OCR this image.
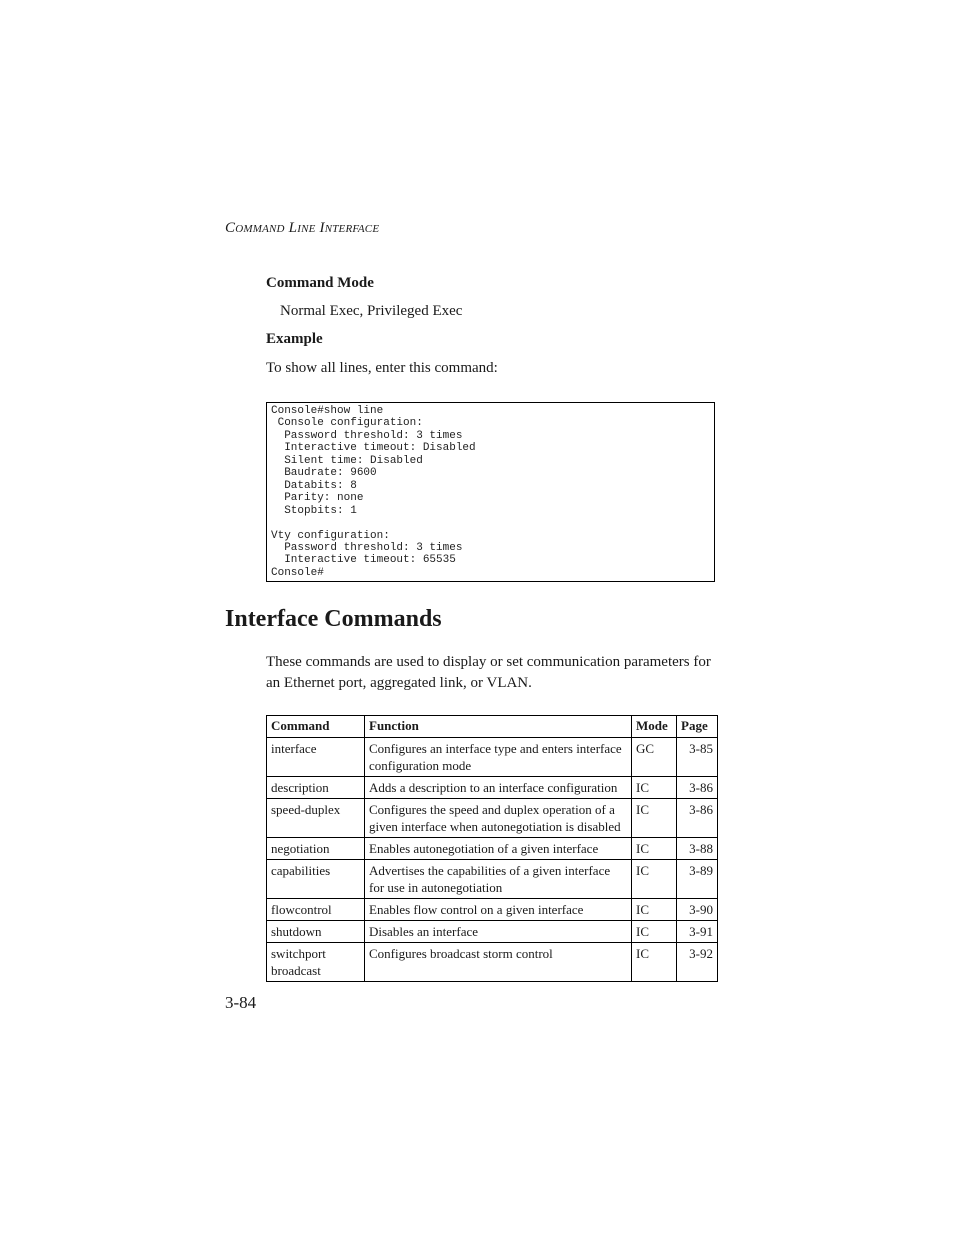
COMMAND LINE INTERFACE
Command Mode
Normal Exec, Privileged Exec
Example
To show all lines, enter this command:
Console#show line
Console configuration:
Password threshold: 3 times
Interactive timeout: Disabled
Silent time: Disabled
Baudrate: 9600
Databits: 8
Parity: none
Stopbits: 1

Vty configuration:
Password threshold: 3 times
Interactive timeout: 65535
Console#
Interface Commands

These commands are used to display or set communication parameters for an Ethernet port, aggregated link, or VLAN.

Command	Function	Mode	Page
interface	Configures an interface type and enters interface configuration mode	GC	3-85
description	Adds a description to an interface configuration	IC	3-86
speed-duplex	Configures the speed and duplex operation of a given interface when autonegotiation is disabled	IC	3-86
negotiation	Enables autonegotiation of a given interface	IC	3-88
capabilities	Advertises the capabilities of a given interface for use in autonegotiation	IC	3-89
flowcontrol	Enables flow control on a given interface	IC	3-90
shutdown	Disables an interface	IC	3-91
switchport broadcast	Configures broadcast storm control	IC	3-92
3-84
